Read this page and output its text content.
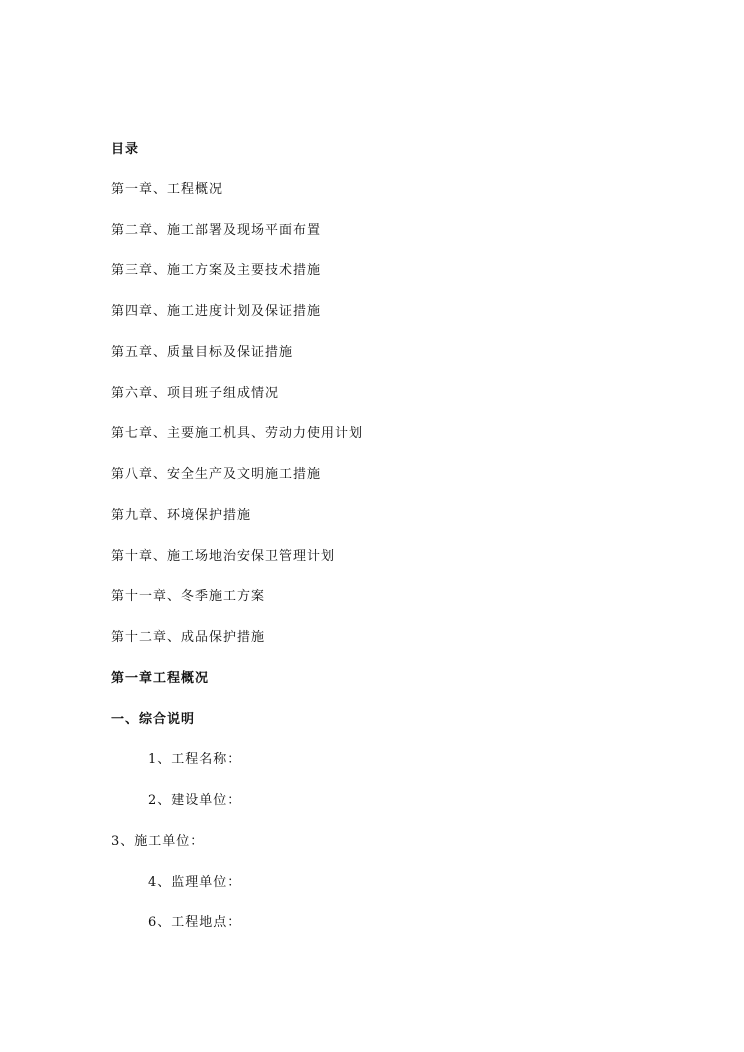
目录
第一章、工程概况
第二章、施工部署及现场平面布置
第三章、施工方案及主要技术措施
第四章、施工进度计划及保证措施
第五章、质量目标及保证措施
第六章、项目班子组成情况
第七章、主要施工机具、劳动力使用计划
第八章、安全生产及文明施工措施
第九章、环境保护措施
第十章、施工场地治安保卫管理计划
第十一章、冬季施工方案
第十二章、成品保护措施
第一章工程概况
一、综合说明
1、工程名称：
2、建设单位：
3、施工单位：
4、监理单位：
6、工程地点：
